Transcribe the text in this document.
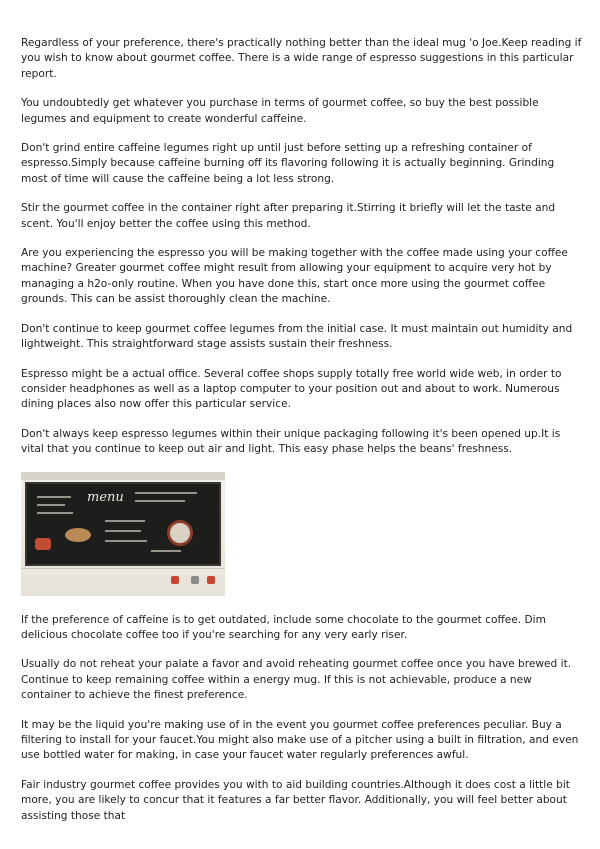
Regardless of your preference, there's practically nothing better than the ideal mug 'o Joe.Keep reading if you wish to know about gourmet coffee. There is a wide range of espresso suggestions in this particular report.

You undoubtedly get whatever you purchase in terms of gourmet coffee, so buy the best possible legumes and equipment to create wonderful caffeine.

Don't grind entire caffeine legumes right up until just before setting up a refreshing container of espresso.Simply because caffeine burning off its flavoring following it is actually beginning. Grinding most of time will cause the caffeine being a lot less strong.

Stir the gourmet coffee in the container right after preparing it.Stirring it briefly will let the taste and scent. You'll enjoy better the coffee using this method.

Are you experiencing the espresso you will be making together with the coffee made using your coffee machine? Greater gourmet coffee might result from allowing your equipment to acquire very hot by managing a h2o-only routine. When you have done this, start once more using the gourmet coffee grounds. This can be assist thoroughly clean the machine.

Don't continue to keep gourmet coffee legumes from the initial case. It must maintain out humidity and lightweight. This straightforward stage assists sustain their freshness.

Espresso might be a actual office. Several coffee shops supply totally free world wide web, in order to consider headphones as well as a laptop computer to your position out and about to work. Numerous dining places also now offer this particular service.

Don't always keep espresso legumes within their unique packaging following it's been opened up.It is vital that you continue to keep out air and light. This easy phase helps the beans' freshness.

menu

If the preference of caffeine is to get outdated, include some chocolate to the gourmet coffee. Dim delicious chocolate coffee too if you're searching for any very early riser.

Usually do not reheat your palate a favor and avoid reheating gourmet coffee once you have brewed it. Continue to keep remaining coffee within a energy mug. If this is not achievable, produce a new container to achieve the finest preference.

It may be the liquid you're making use of in the event you gourmet coffee preferences peculiar. Buy a filtering to install for your faucet.You might also make use of a pitcher using a built in filtration, and even use bottled water for making, in case your faucet water regularly preferences awful.

Fair industry gourmet coffee provides you with to aid building countries.Although it does cost a little bit more, you are likely to concur that it features a far better flavor. Additionally, you will feel better about assisting those that
